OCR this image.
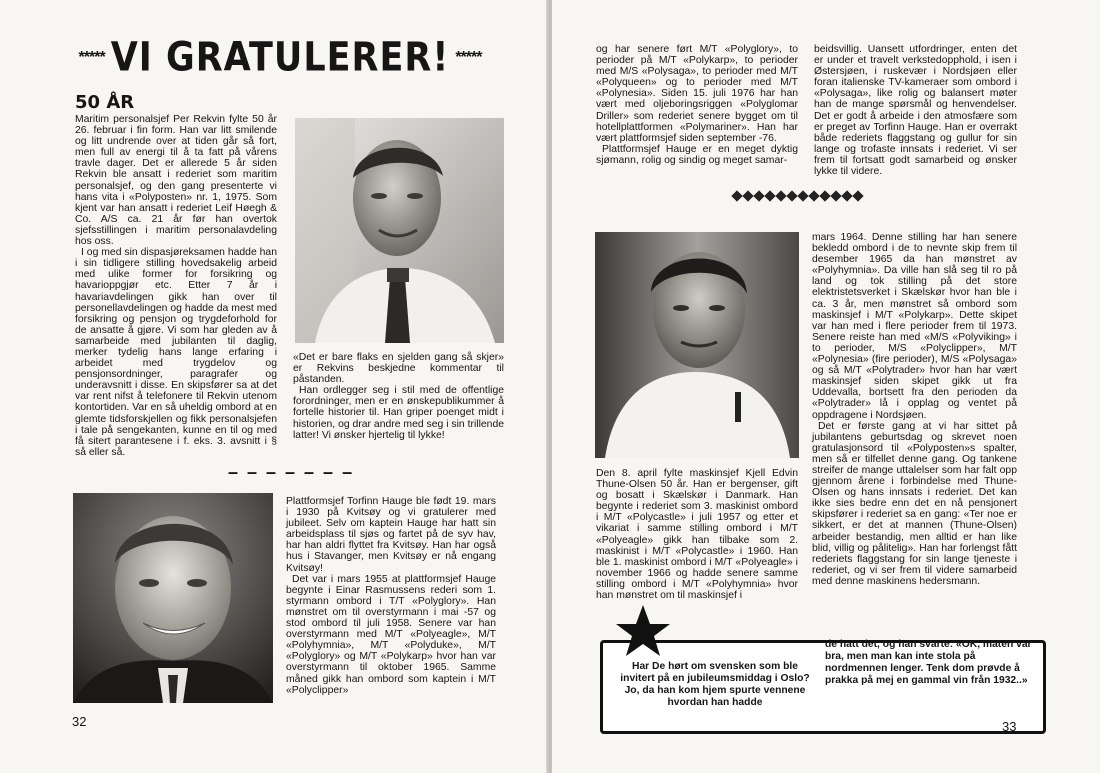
***** VI GRATULERER! *****
50 ÅR

Maritim personalsjef Per Rekvin fylte 50 år 26. februar i fin form. Han var litt smilende og litt undrende over at tiden går så fort, men full av energi til å ta fatt på vårens travle dager. Det er allerede 5 år siden Rekvin ble ansatt i rederiet som maritim personalsjef, og den gang presenterte vi hans vita i «Polyposten» nr. 1, 1975. Som kjent var han ansatt i rederiet Leif Høegh & Co. A/S ca. 21 år før han overtok sjefsstillingen i maritim personalavdeling hos oss.

I og med sin dispasjøreksamen hadde han i sin tidligere stilling hovedsakelig arbeid med ulike former for forsikring og havarioppgjør etc. Etter 7 år i havariavdelingen gikk han over til personellavdelingen og hadde da mest med forsikring og pensjon og trygdeforhold for de ansatte å gjøre. Vi som har gleden av å samarbeide med jubilanten til daglig, merker tydelig hans lange erfaring i arbeidet med trygdelov og pensjonsordninger, paragrafer og underavsnitt i disse. En skipsfører sa at det var rent nifst å telefonere til Rekvin utenom kontortiden. Var en så uheldig ombord at en glemte tidsforskjellen og fikk personalsjefen i tale på sengekanten, kunne en til og med få sitert parantesene i f. eks. 3. avsnitt i § så eller så.

«Det er bare flaks en sjelden gang så skjer» er Rekvins beskjedne kommentar til påstanden.

Han ordlegger seg i stil med de offentlige forordninger, men er en ønskepublikummer å fortelle historier til. Han griper poenget midt i historien, og drar andre med seg i sin trillende latter! Vi ønsker hjertelig til lykke!

– – – – – – –

Plattformsjef Torfinn Hauge ble født 19. mars i 1930 på Kvitsøy og vi gratulerer med jubileet. Selv om kaptein Hauge har hatt sin arbeidsplass til sjøs og fartet på de syv hav, har han aldri flyttet fra Kvitsøy. Han har også hus i Stavanger, men Kvitsøy er nå engang Kvitsøy!

Det var i mars 1955 at plattformsjef Hauge begynte i Einar Rasmussens rederi som 1. styrmann ombord i T/T «Polyglory». Han mønstret om til overstyrmann i mai -57 og stod ombord til juli 1958. Senere var han overstyrmann med M/T «Polyeagle», M/T «Polyhymnia», M/T «Polyduke», M/T «Polyglory» og M/T «Polykarp» hvor han var overstyrmann til oktober 1965. Samme måned gikk han ombord som kaptein i M/T «Polyclipper»

32

og har senere ført M/T «Polyglory», to perioder på M/T «Polykarp», to perioder med M/S «Polysaga», to perioder med M/T «Polyqueen» og to perioder med M/T «Polynesia». Siden 15. juli 1976 har han vært med oljeboringsriggen «Polyglomar Driller» som rederiet senere bygget om til hotellplattformen «Polymariner». Han har vært plattformsjef siden september -76.

Plattformsjef Hauge er en meget dyktig sjømann, rolig og sindig og meget samar-

beidsvillig. Uansett utfordringer, enten det er under et travelt verkstedopphold, i isen i Østersjøen, i ruskevær i Nordsjøen eller foran italienske TV-kameraer som ombord i «Polysaga», like rolig og balansert møter han de mange spørsmål og henvendelser. Det er godt å arbeide i den atmosfære som er preget av Torfinn Hauge. Han er overrakt både rederiets flaggstang og gullur for sin lange og trofaste innsats i rederiet. Vi ser frem til fortsatt godt samarbeid og ønsker lykke til videre.

mars 1964. Denne stilling har han senere bekledd ombord i de to nevnte skip frem til desember 1965 da han mønstret av «Polyhymnia». Da ville han slå seg til ro på land og tok stilling på det store elektristetsverket i Skælskør hvor han ble i ca. 3 år, men mønstret så ombord som maskinsjef i M/T «Polykarp». Dette skipet var han med i flere perioder frem til 1973. Senere reiste han med «M/S «Polyviking» i to perioder, M/S «Polyclipper», M/T «Polynesia» (fire perioder), M/S «Polysaga» og så M/T «Polytrader» hvor han har vært maskinsjef siden skipet gikk ut fra Uddevalla, bortsett fra den perioden da «Polytrader» lå i opplag og ventet på oppdragene i Nordsjøen.

Det er første gang at vi har sittet på jubilantens geburtsdag og skrevet noen gratulasjonsord til «Polyposten»s spalter, men så er tilfellet denne gang. Og tankene streifer de mange uttalelser som har falt opp gjennom årene i forbindelse med Thune-Olsen og hans innsats i rederiet. Det kan ikke sies bedre enn det en nå pensjonert skipsfører i rederiet sa en gang: «Ter noe er sikkert, er det at mannen (Thune-Olsen) arbeider bestandig, men alltid er han like blid, villig og pålitelig». Han har forlengst fått rederiets flaggstang for sin lange tjeneste i rederiet, og vi ser frem til videre samarbeid med denne maskinens hedersmann.

Den 8. april fylte maskinsjef Kjell Edvin Thune-Olsen 50 år. Han er bergenser, gift og bosatt i Skælskør i Danmark. Han begynte i rederiet som 3. maskinist ombord i M/T «Polycastle» i juli 1957 og etter et vikariat i samme stilling ombord i M/T «Polyeagle» gikk han tilbake som 2. maskinist i M/T «Polycastle» i 1960. Han ble 1. maskinist ombord i M/T «Polyeagle» i november 1966 og hadde senere samme stilling ombord i M/T «Polyhymnia» hvor han mønstret om til maskinsjef i

Har De hørt om svensken som ble invitert på en jubileumsmiddag i Oslo? Jo, da han kom hjem spurte vennene hvordan han hadde
de hatt det, og han svarte: «OK, maten var bra, men man kan inte stola på nordmennen lenger. Tenk dom prøvde å prakka på mej en gammal vin från 1932..»
33
